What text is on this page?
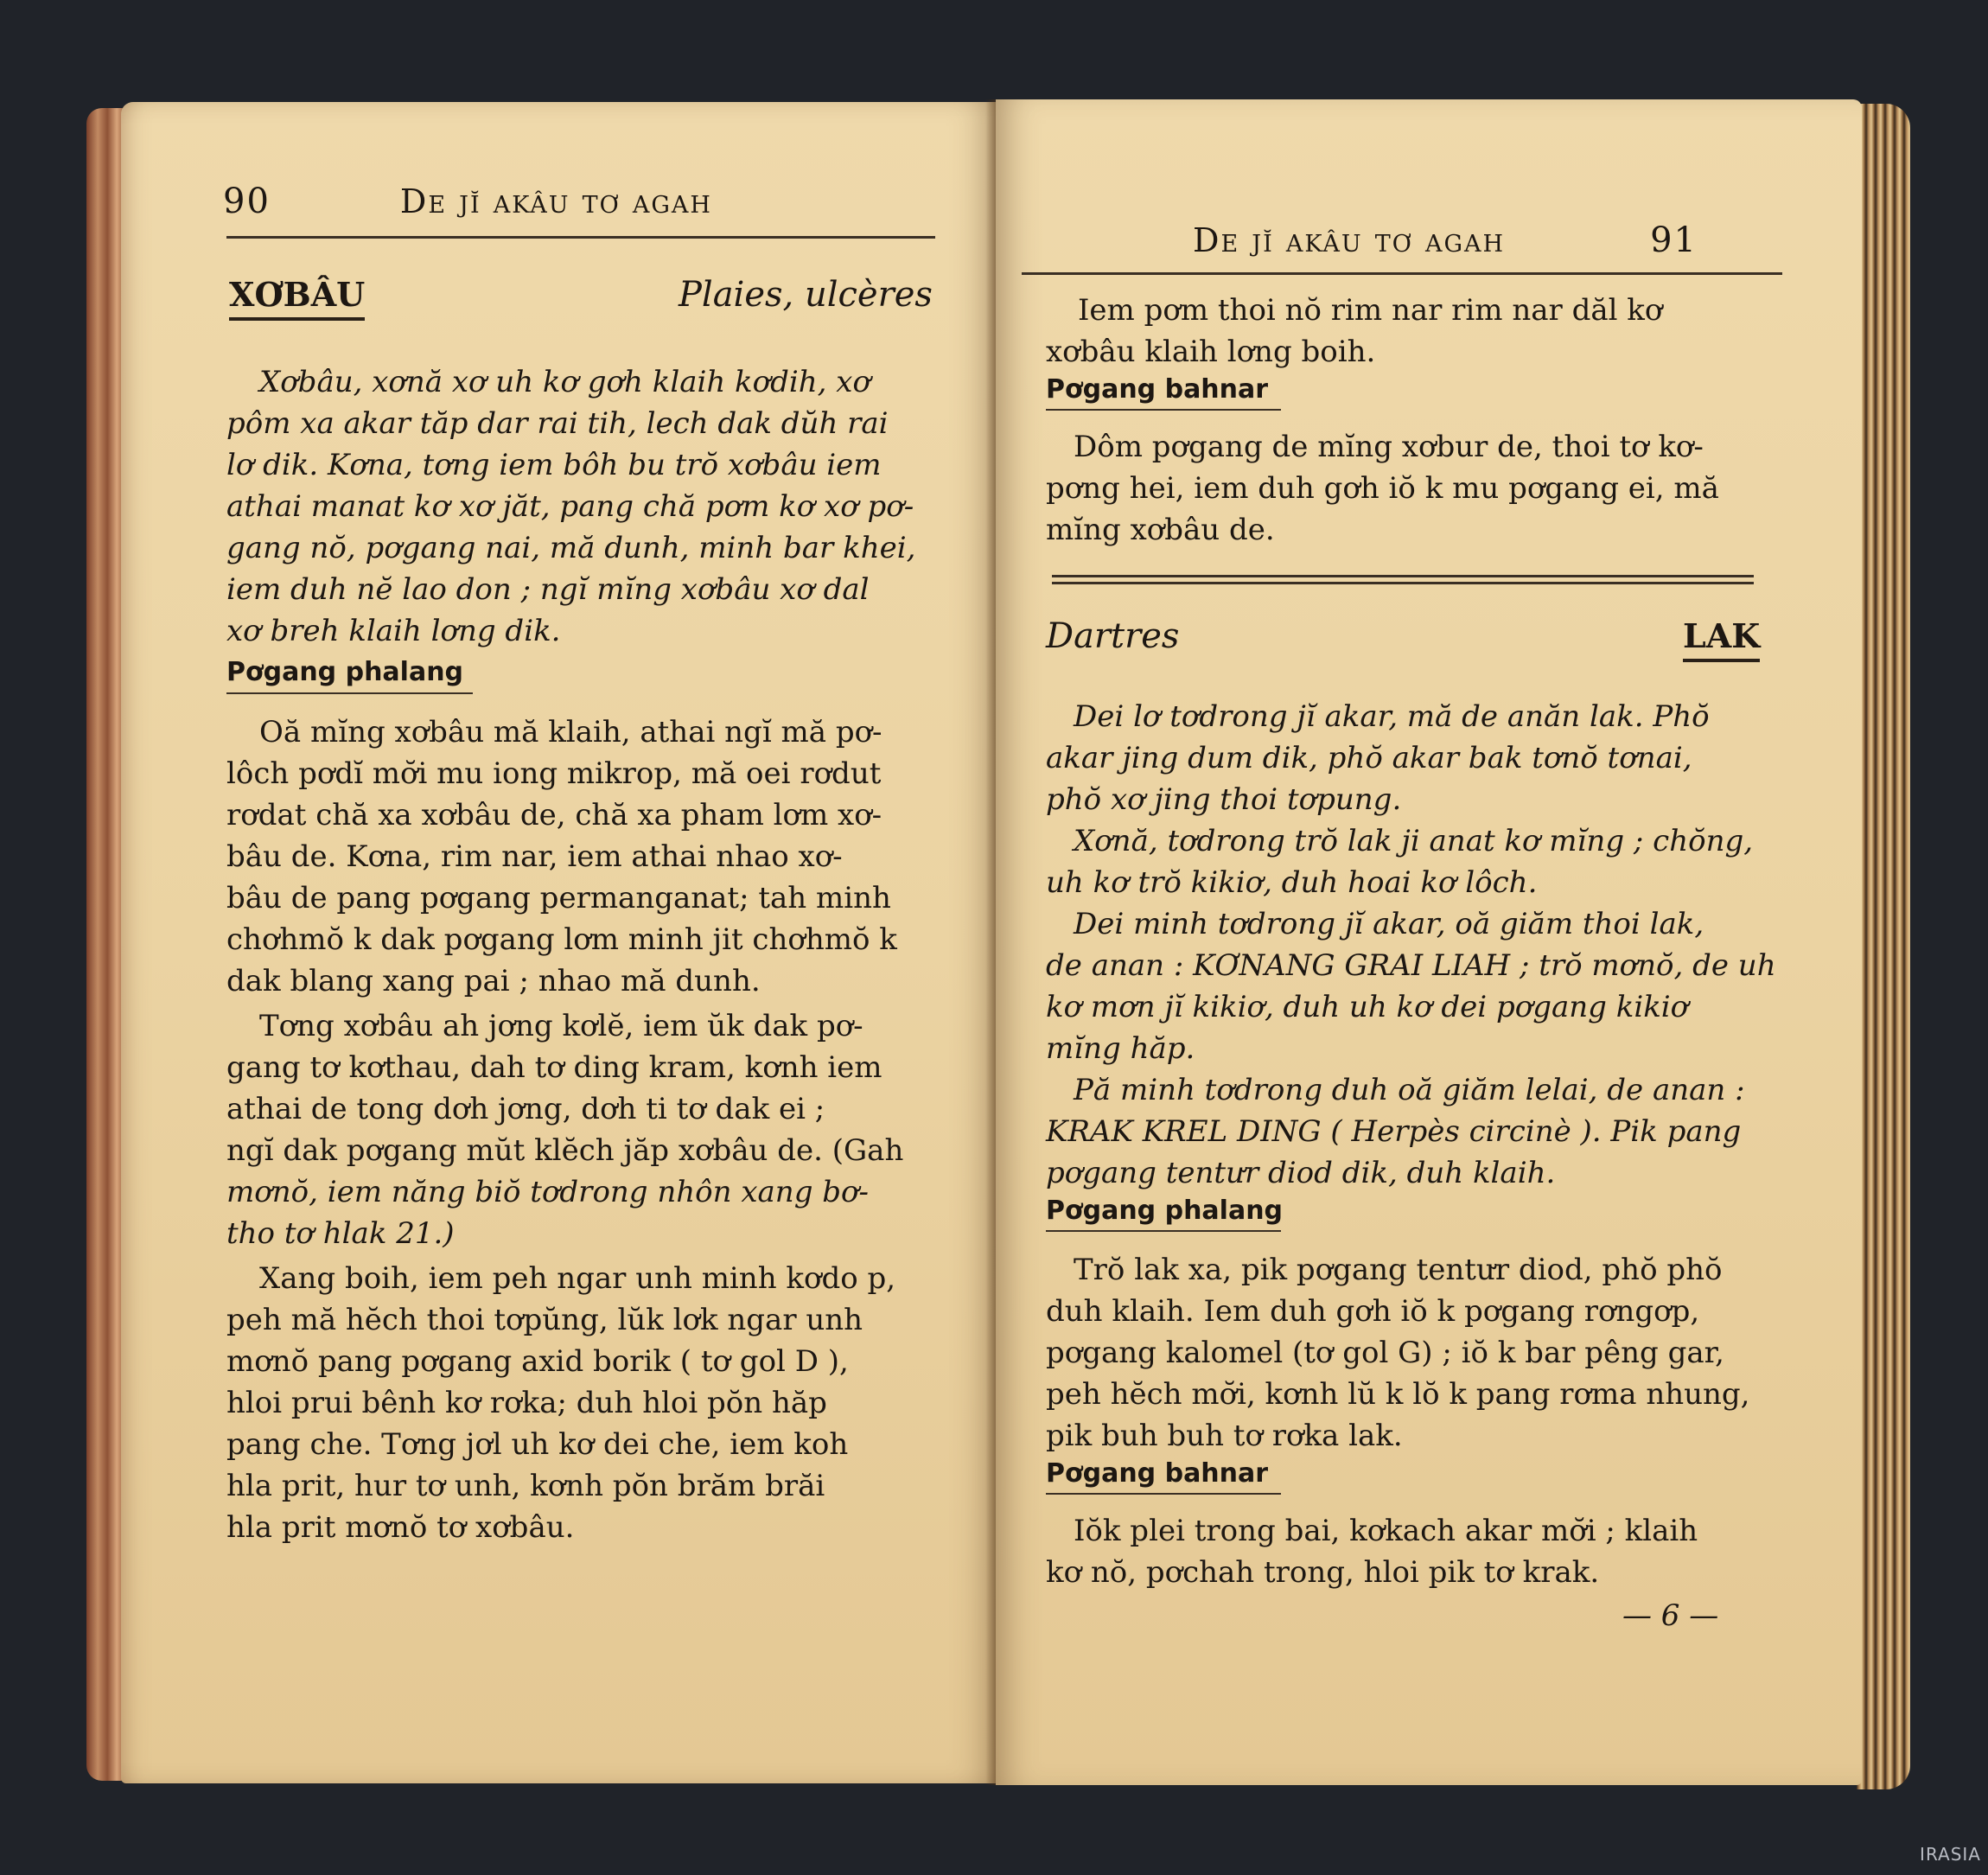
90	De jĭ akâu tơ agah
XƠBÂU	Plaies, ulcères
Xơbâu, xơnă xơ uh kơ gơh klaih kơdih, xơ
pôm xa akar tăp dar rai tih, lech dak dŭh rai
lơ dik. Kơna, tơng iem bôh bu trŏ xơbâu iem
athai manat kơ xơ jăt, pang chă pơm kơ xơ pơ-
gang nŏ, pơgang nai, mă dunh, minh bar khei,
iem duh nĕ lao don ; ngĭ mĭng xơbâu xơ dal
xơ breh klaih lơng dik.
Pơgang phalang
Oă mĭng xơbâu mă klaih, athai ngĭ mă pơ-
lôch pơdĭ mơ̆i mu iong mikrop, mă oei rơdut
rơdat chă xa xơbâu de, chă xa pham lơm xơ-
bâu de. Kơna, rim nar, iem athai nhao xơ-
bâu de pang pơgang permanganat; tah minh
chơhmŏ k dak pơgang lơm minh jit chơhmŏ k
dak blang xang pai ; nhao mă dunh.
Tơng xơbâu ah jơng kơlĕ, iem ŭk dak pơ-
gang tơ kơthau, dah tơ ding kram, kơnh iem
athai de tong dơh jơng, dơh ti tơ dak ei ;
ngĭ dak pơgang mŭt klĕch jăp xơbâu de. (Gah
mơnŏ, iem năng biŏ tơdrong nhôn xang bơ-
tho tơ hlak 21.)
Xang boih, iem peh ngar unh minh kơdo p,
peh mă hĕch thoi tơpŭng, lŭk lơk ngar unh
mơnŏ pang pơgang axid borik ( tơ gol D ),
hloi prui bênh kơ rơka; duh hloi pŏn hăp
pang che. Tơng jơl uh kơ dei che, iem koh
hla prit, hur tơ unh, kơnh pŏn brăm brăi
hla prit mơnŏ tơ xơbâu.
De jĭ akâu tơ agah	91
Iem pơm thoi nŏ rim nar rim nar dăl kơ
xơbâu klaih lơng boih.
Pơgang bahnar
Dôm pơgang de mĭng xơbur de, thoi tơ kơ-
pơng hei, iem duh gơh iŏ k mu pơgang ei, mă
mĭng xơbâu de.
Dartres	LAK
Dei lơ tơdrong jĭ akar, mă de anăn lak. Phŏ
akar jing dum dik, phŏ akar bak tơnŏ tơnai,
phŏ xơ jing thoi tơpung.
Xơnă, tơdrong trŏ lak ji anat kơ mĭng ; chŏng,
uh kơ trŏ kikiơ, duh hoai kơ lôch.
Dei minh tơdrong jĭ akar, oă giăm thoi lak,
de anan : KƠNANG GRAI LIAH ; trŏ mơnŏ, de uh
kơ mơn jĭ kikiơ, duh uh kơ dei pơgang kikiơ
mĭng hăp.
Pă minh tơdrong duh oă giăm lelai, de anan :
KRAK KREL DING ( Herpès circinè ). Pik pang
pơgang tentưr diod dik, duh klaih.
Pơgang phalang
Trŏ lak xa, pik pơgang tentưr diod, phŏ phŏ
duh klaih. Iem duh gơh iŏ k pơgang rơngơp,
pơgang kalomel (tơ gol G) ; iŏ k bar pêng gar,
peh hĕch mơ̆i, kơnh lŭ k lŏ k pang rơma nhung,
pik buh buh tơ rơka lak.
Pơgang bahnar
Iŏk plei trong bai, kơkach akar mơ̆i ; klaih
kơ nŏ, pơchah trong, hloi pik tơ krak.
— 6 —
IRASIA
